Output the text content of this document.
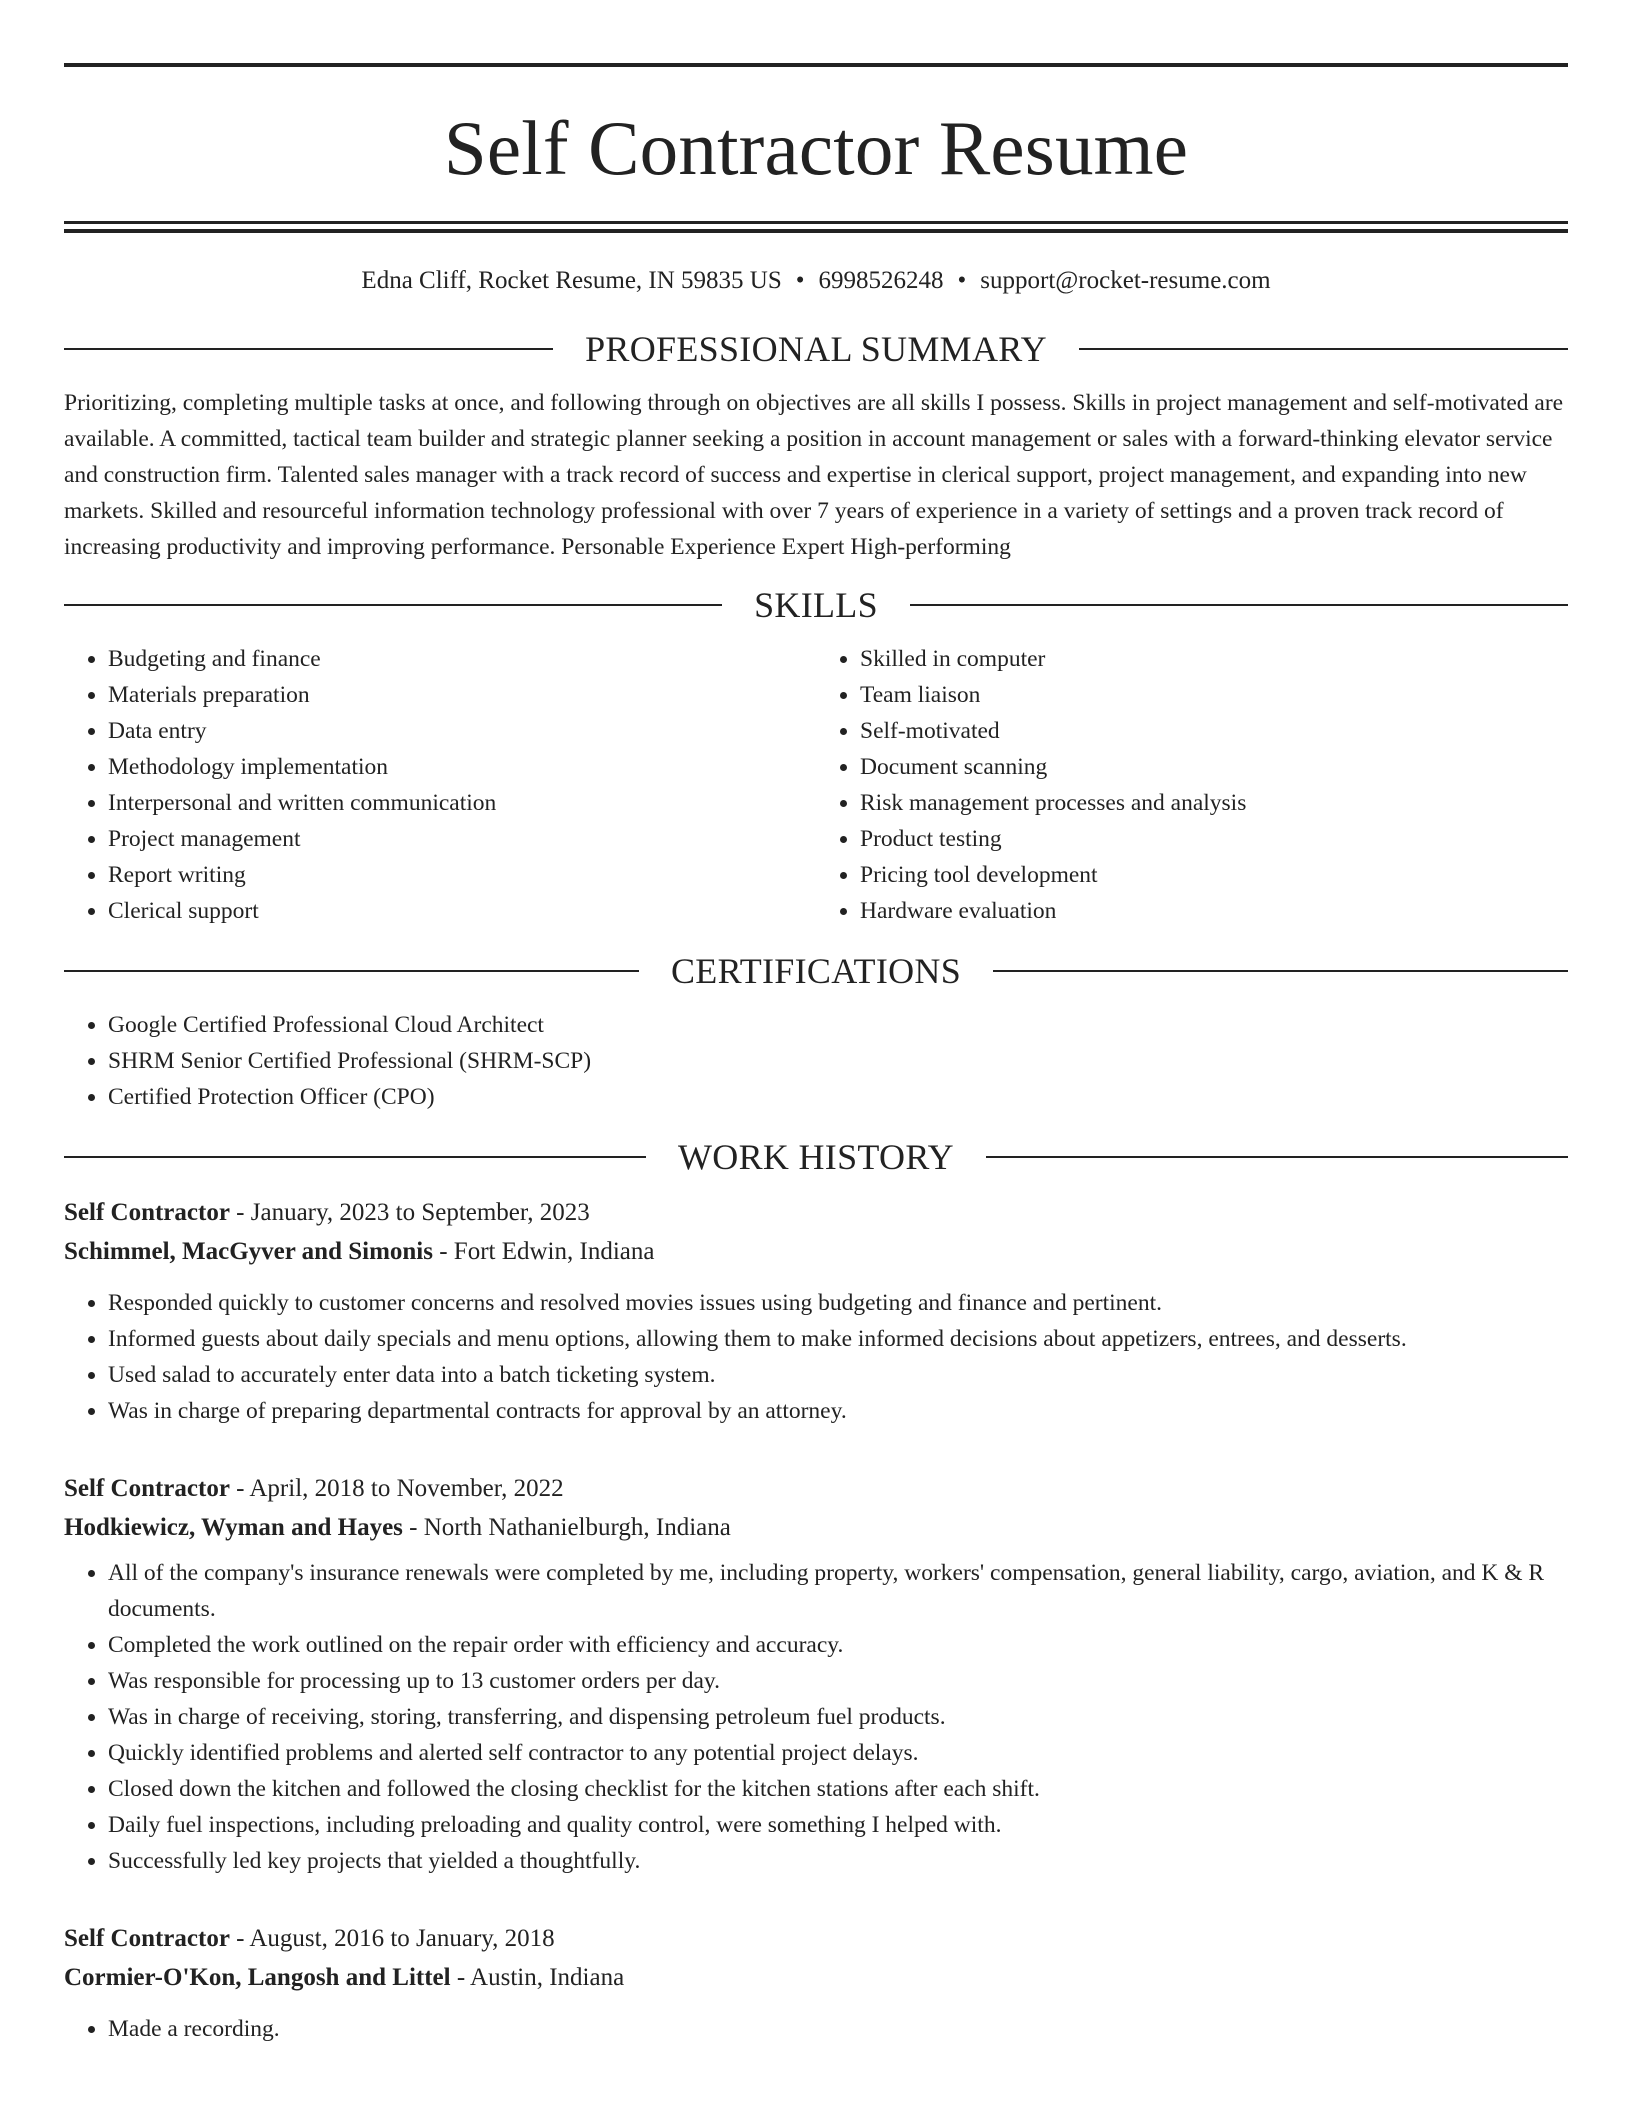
Self Contractor Resume
Edna Cliff, Rocket Resume, IN 59835 US • 6998526248 • support@rocket-resume.com
PROFESSIONAL SUMMARY

Prioritizing, completing multiple tasks at once, and following through on objectives are all skills I possess. Skills in project management and self-motivated are available. A committed, tactical team builder and strategic planner seeking a position in account management or sales with a forward-thinking elevator service and construction firm. Talented sales manager with a track record of success and expertise in clerical support, project management, and expanding into new markets. Skilled and resourceful information technology professional with over 7 years of experience in a variety of settings and a proven track record of increasing productivity and improving performance. Personable Experience Expert High-performing

SKILLS
• Budgeting and finance
• Materials preparation
• Data entry
• Methodology implementation
• Interpersonal and written communication
• Project management
• Report writing
• Clerical support
• Skilled in computer
• Team liaison
• Self-motivated
• Document scanning
• Risk management processes and analysis
• Product testing
• Pricing tool development
• Hardware evaluation
CERTIFICATIONS
• Google Certified Professional Cloud Architect
• SHRM Senior Certified Professional (SHRM-SCP)
• Certified Protection Officer (CPO)
WORK HISTORY
Self Contractor - January, 2023 to September, 2023
Schimmel, MacGyver and Simonis - Fort Edwin, Indiana
• Responded quickly to customer concerns and resolved movies issues using budgeting and finance and pertinent.
• Informed guests about daily specials and menu options, allowing them to make informed decisions about appetizers, entrees, and desserts.
• Used salad to accurately enter data into a batch ticketing system.
• Was in charge of preparing departmental contracts for approval by an attorney.
Self Contractor - April, 2018 to November, 2022
Hodkiewicz, Wyman and Hayes - North Nathanielburgh, Indiana
• All of the company's insurance renewals were completed by me, including property, workers' compensation, general liability, cargo, aviation, and K & R documents.
• Completed the work outlined on the repair order with efficiency and accuracy.
• Was responsible for processing up to 13 customer orders per day.
• Was in charge of receiving, storing, transferring, and dispensing petroleum fuel products.
• Quickly identified problems and alerted self contractor to any potential project delays.
• Closed down the kitchen and followed the closing checklist for the kitchen stations after each shift.
• Daily fuel inspections, including preloading and quality control, were something I helped with.
• Successfully led key projects that yielded a thoughtfully.
Self Contractor - August, 2016 to January, 2018
Cormier-O'Kon, Langosh and Littel - Austin, Indiana
• Made a recording.
